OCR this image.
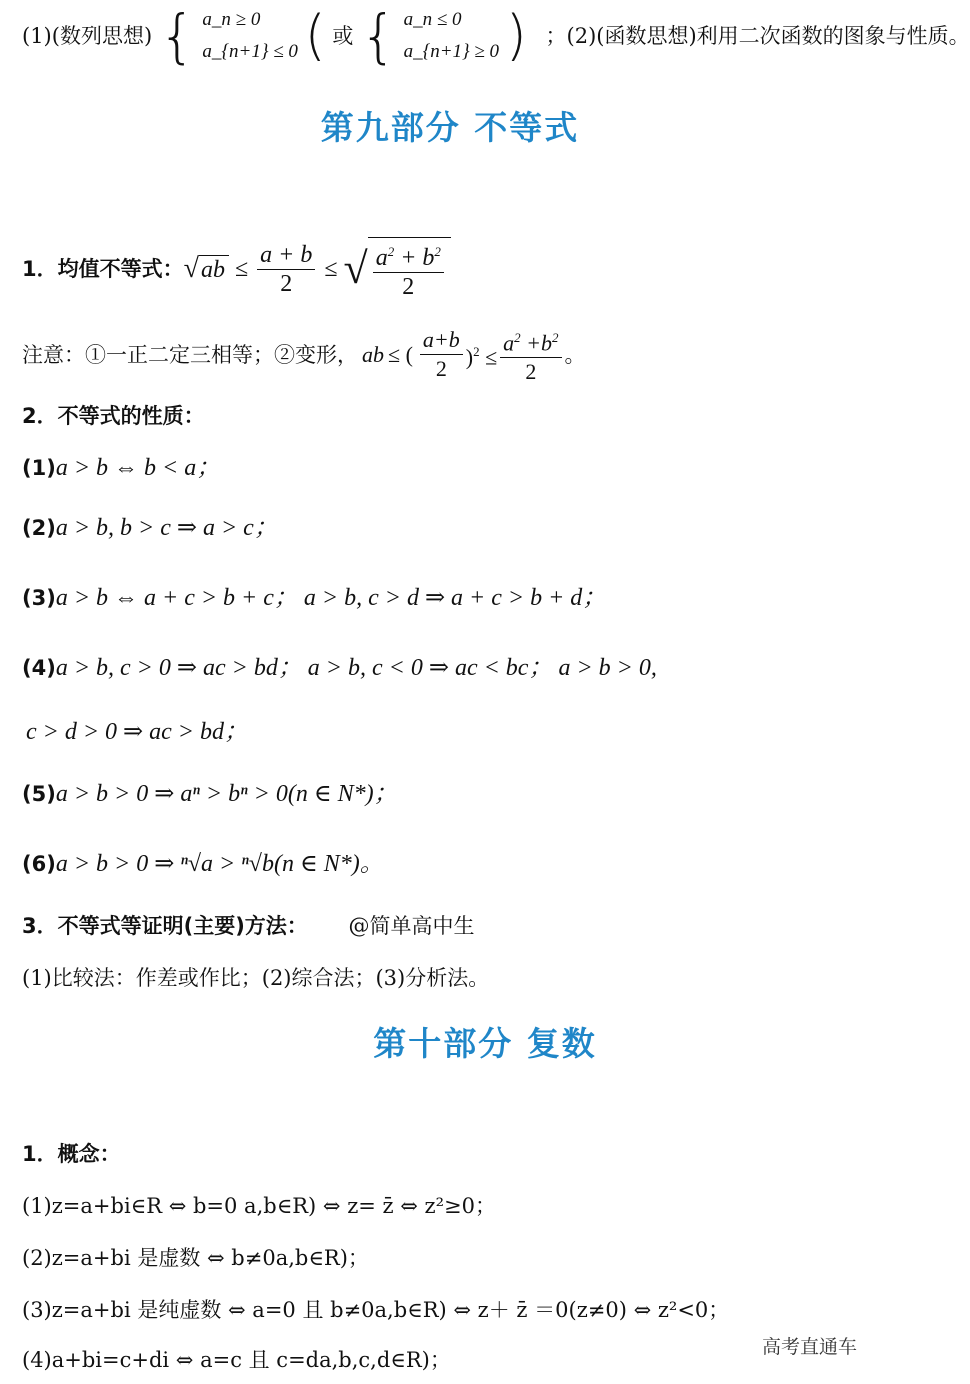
(1)(数列思想) { a_n ≥ 0
a_{n+1} ≤ 0 ( 或 { a_n ≤ 0
a_{n+1} ≥ 0 ) ；(2)(函数思想)利用二次函数的图象与性质。
第九部分 不等式
1．均值不等式： √ ab ≤ $\frac{a + b}{2}$ ≤ √ $\frac{a^2 + b^2}{2}$
注意：①一正二定三相等；②变形， ab ≤ ( $\frac{a+b}{2} )^2 \le \frac{a^2 +b^2}{2}$ 。
2．不等式的性质：
(1)a > b ⇔ b < a；
(2)a > b, b > c ⇒ a > c；
(3)a > b ⇔ a + c > b + c； a > b, c > d ⇒ a + c > b + d；
(4)a > b, c > 0 ⇒ ac > bd； a > b, c < 0 ⇒ ac < bc； a > b > 0,
c > d > 0 ⇒ ac > bd；
(5)a > b > 0 ⇒ aⁿ > bⁿ > 0(n ∈ N*)；
(6)a > b > 0 ⇒ ⁿ√a > ⁿ√b(n ∈ N*)。
3．不等式等证明(主要)方法： @简单高中生
(1)比较法：作差或作比；(2)综合法；(3)分析法。
第十部分 复数
1．概念：
(1)z=a+bi∈R ⇔ b=0 a,b∈R) ⇔ z= z̄ ⇔ z²≥0；
(2)z=a+bi 是虚数 ⇔ b≠0a,b∈R)；
(3)z=a+bi 是纯虚数 ⇔ a=0 且 b≠0a,b∈R) ⇔ z＋ z̄ ＝0(z≠0) ⇔ z²<0；
(4)a+bi=c+di ⇔ a=c 且 c=da,b,c,d∈R)；
高考直通车
